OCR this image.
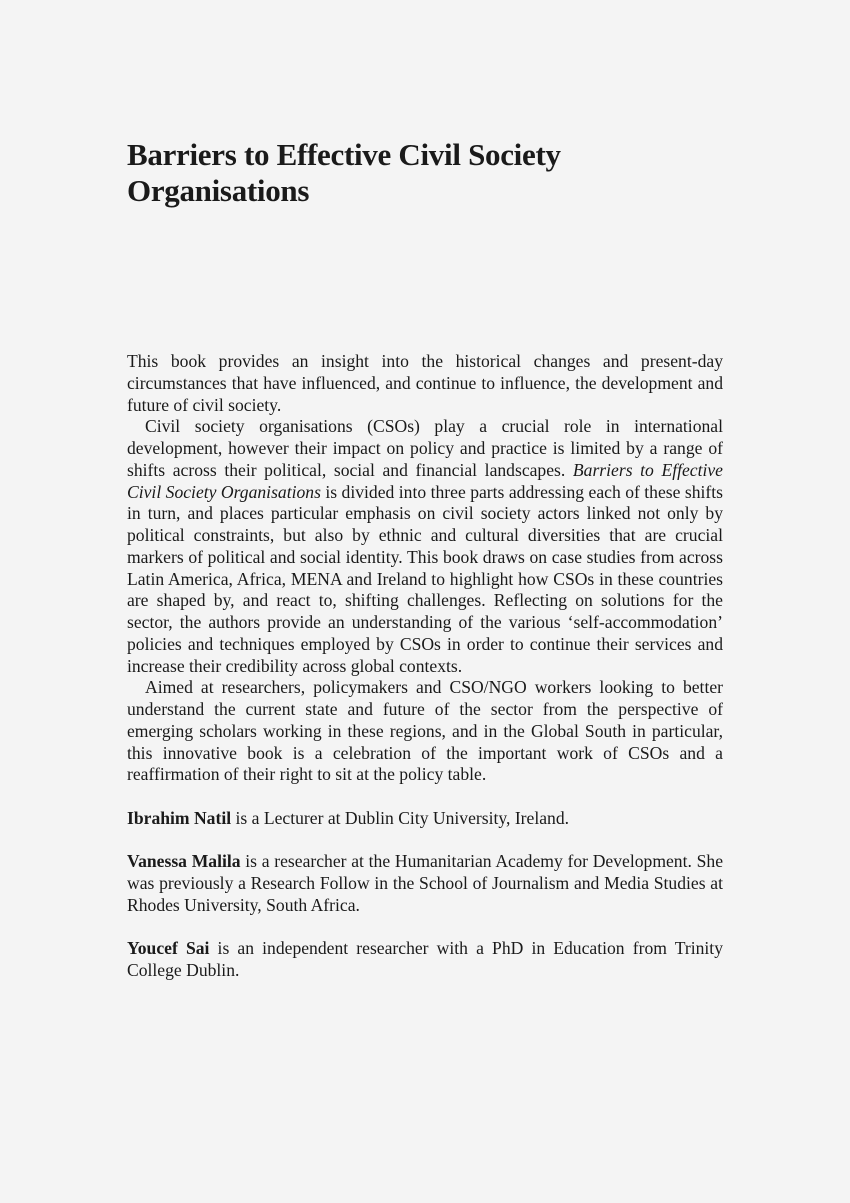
Barriers to Effective Civil Society
Organisations

This book provides an insight into the historical changes and present-day circumstances that have influenced, and continue to influence, the development and future of civil society.

Civil society organisations (CSOs) play a crucial role in international development, however their impact on policy and practice is limited by a range of shifts across their political, social and financial landscapes. Barriers to Effective Civil Society Organisations is divided into three parts addressing each of these shifts in turn, and places particular emphasis on civil society actors linked not only by political constraints, but also by ethnic and cultural diversities that are crucial markers of political and social identity. This book draws on case studies from across Latin America, Africa, MENA and Ireland to highlight how CSOs in these countries are shaped by, and react to, shifting challenges. Reflecting on solutions for the sector, the authors provide an understanding of the various ‘self-accommodation’ policies and techniques employed by CSOs in order to continue their services and increase their credibility across global contexts.

Aimed at researchers, policymakers and CSO/NGO workers looking to better understand the current state and future of the sector from the perspective of emerging scholars working in these regions, and in the Global South in particular, this innovative book is a celebration of the important work of CSOs and a reaffirmation of their right to sit at the policy table.

Ibrahim Natil is a Lecturer at Dublin City University, Ireland.

Vanessa Malila is a researcher at the Humanitarian Academy for Development. She was previously a Research Follow in the School of Journalism and Media Studies at Rhodes University, South Africa.

Youcef Sai is an independent researcher with a PhD in Education from Trinity College Dublin.
